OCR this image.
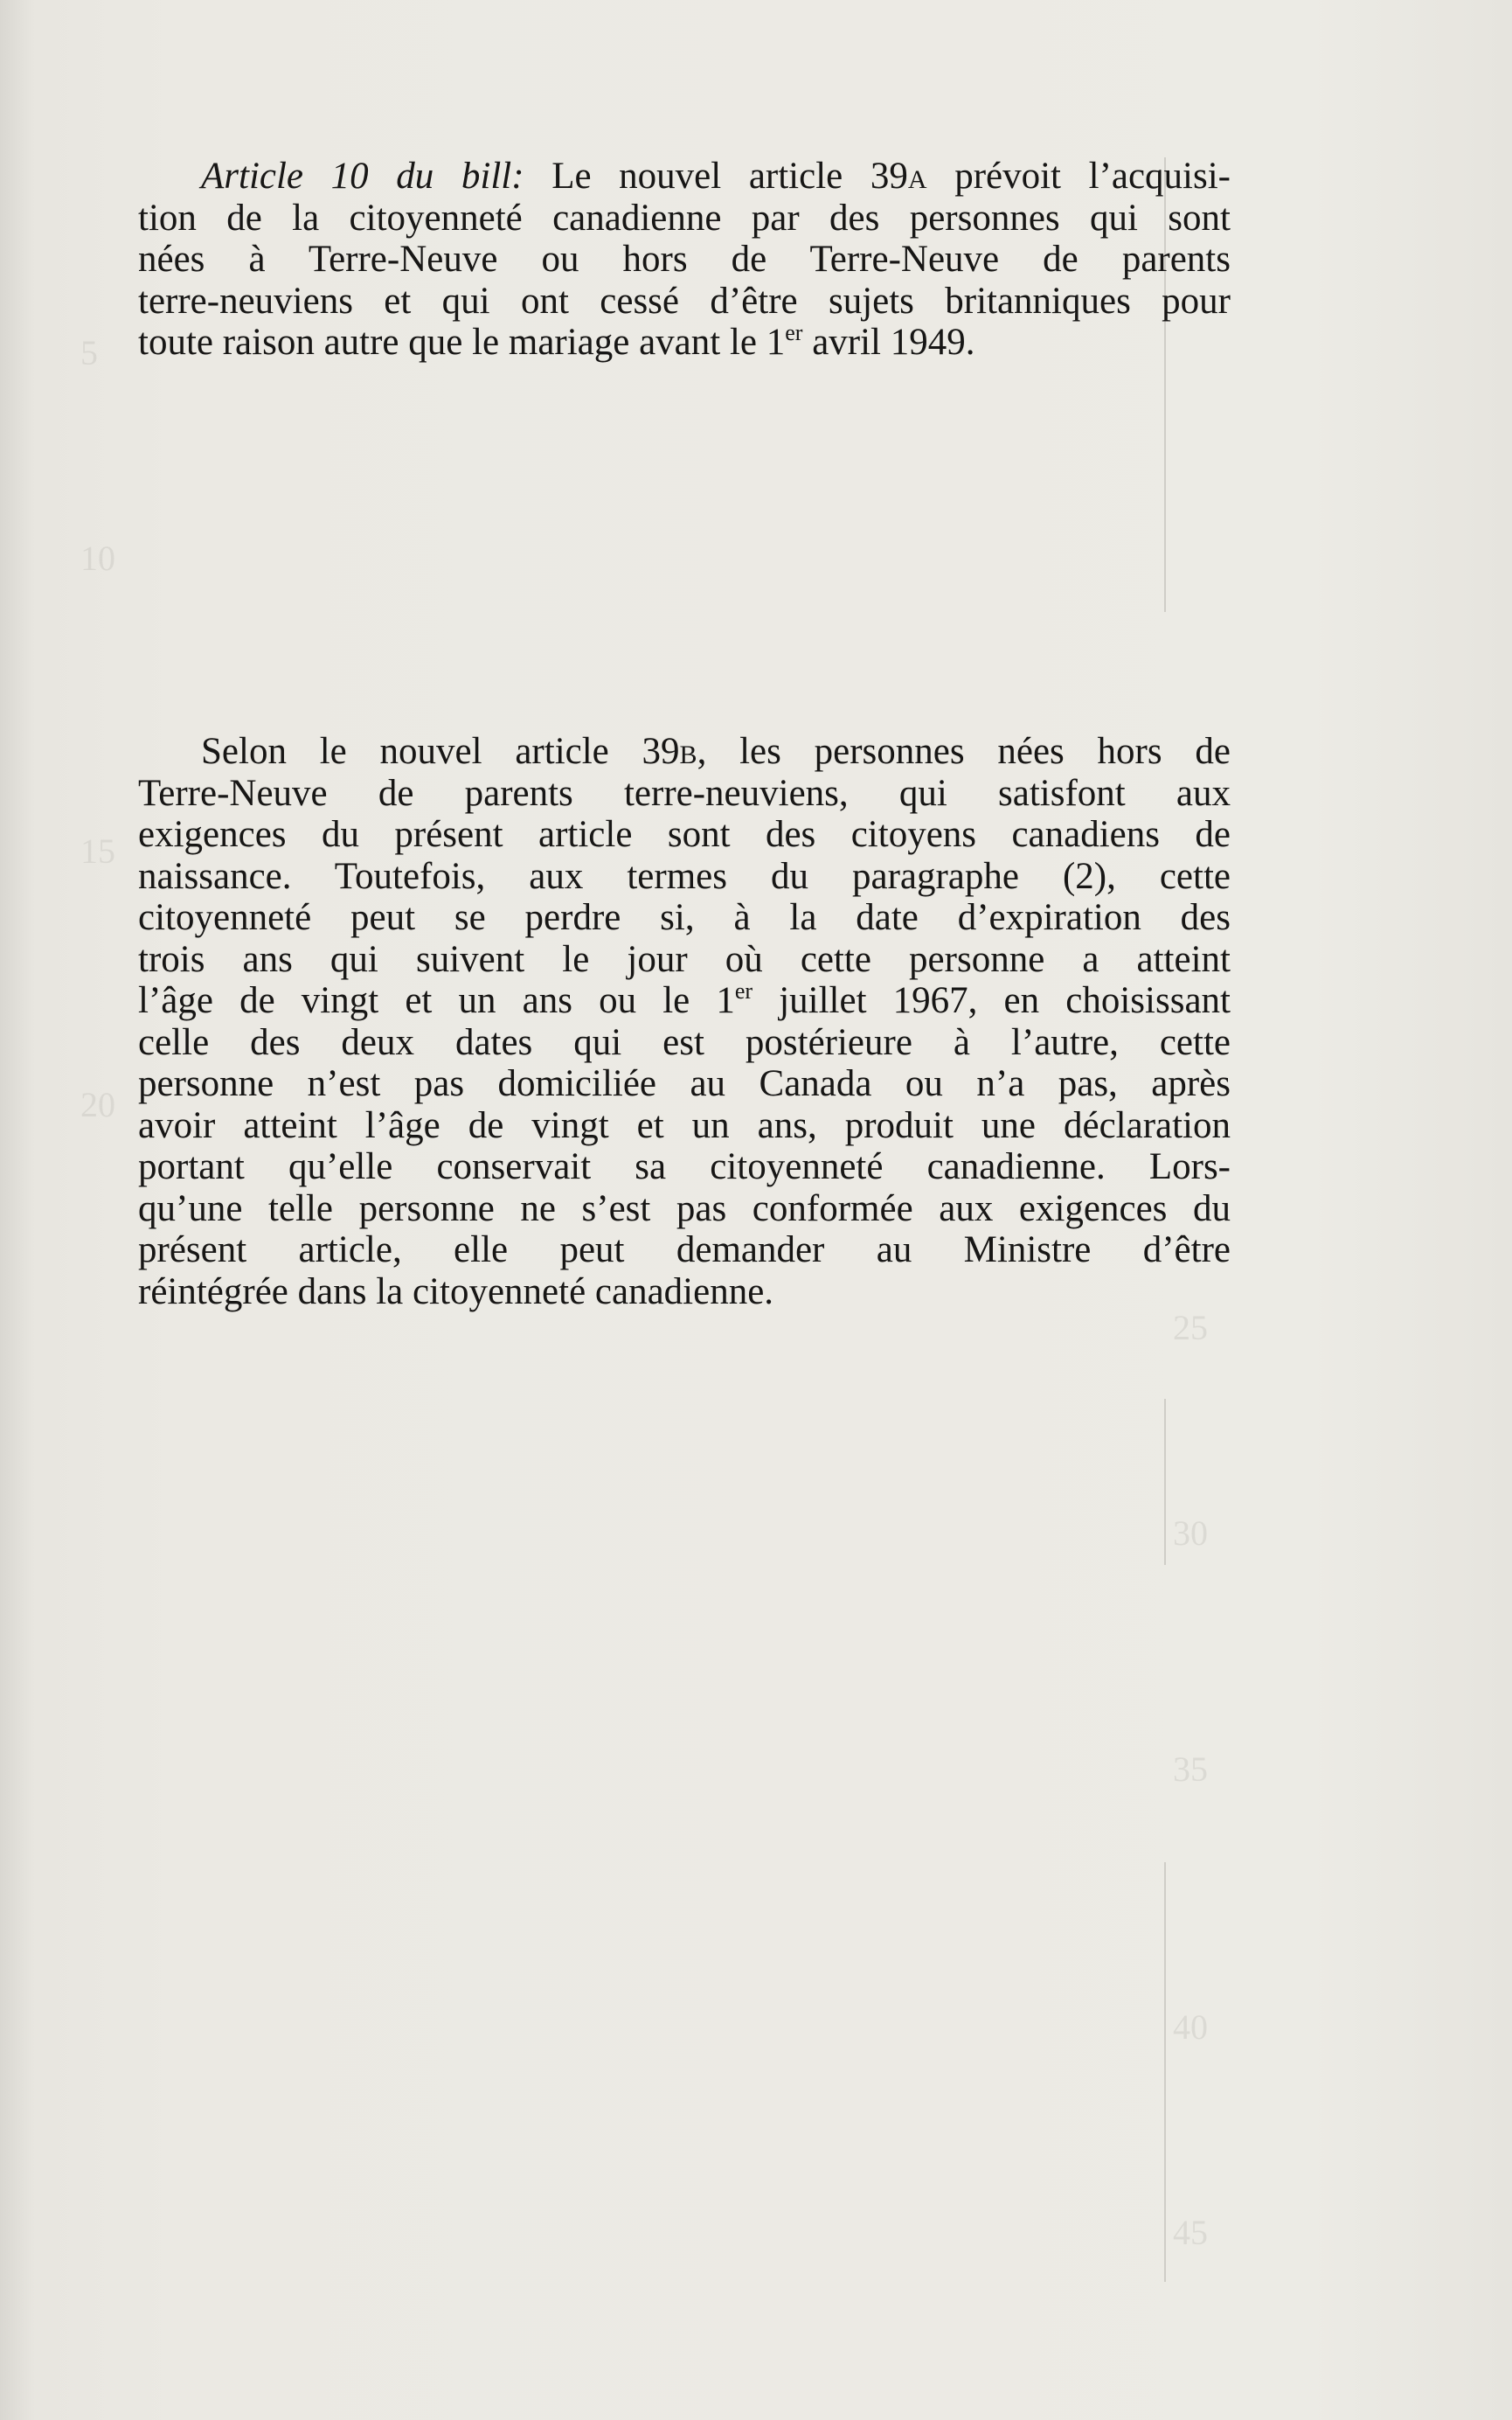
5
10
15
20
25
30
35
40
45
Article 10 du bill: Le nouvel article 39a prévoit l’acquisi-
tion de la citoyenneté canadienne par des personnes qui sont
nées à Terre-Neuve ou hors de Terre-Neuve de parents
terre-neuviens et qui ont cessé d’être sujets britanniques pour
toute raison autre que le mariage avant le 1er avril 1949.
Selon le nouvel article 39b, les personnes nées hors de
Terre-Neuve de parents terre-neuviens, qui satisfont aux
exigences du présent article sont des citoyens canadiens de
naissance. Toutefois, aux termes du paragraphe (2), cette
citoyenneté peut se perdre si, à la date d’expiration des
trois ans qui suivent le jour où cette personne a atteint
l’âge de vingt et un ans ou le 1er juillet 1967, en choisissant
celle des deux dates qui est postérieure à l’autre, cette
personne n’est pas domiciliée au Canada ou n’a pas, après
avoir atteint l’âge de vingt et un ans, produit une déclaration
portant qu’elle conservait sa citoyenneté canadienne. Lors-
qu’une telle personne ne s’est pas conformée aux exigences du
présent article, elle peut demander au Ministre d’être
réintégrée dans la citoyenneté canadienne.
